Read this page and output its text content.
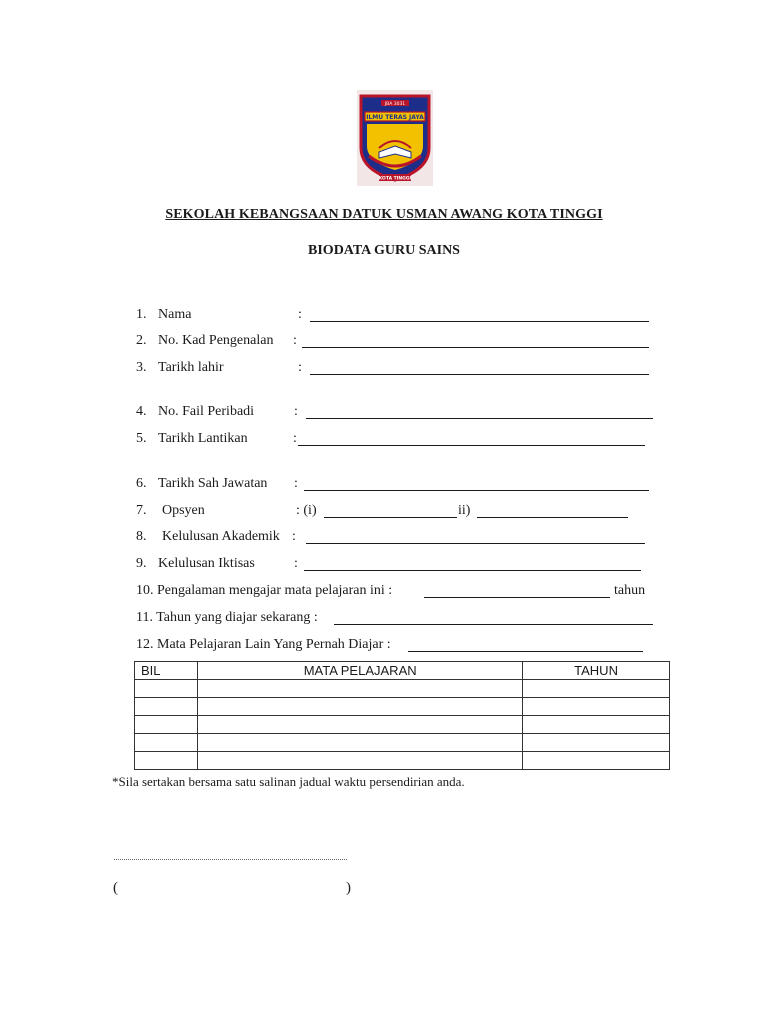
JBA 3031
ILMU TERAS JAYA
KOTA TINGGI
SEKOLAH KEBANGSAAN DATUK USMAN AWANG KOTA TINGGI
BIODATA GURU SAINS
1. Nama	:
2. No. Kad Pengenalan :
3. Tarikh lahir	:
4. No. Fail Peribadi	:
5. Tarikh Lantikan	:
6. Tarikh Sah Jawatan :
7. Opsyen	: (i)	ii)
8. Kelulusan Akademik :
9. Kelulusan Iktisas	:
10. Pengalaman mengajar mata pelajaran ini :	tahun
11. Tahun yang diajar sekarang :
12. Mata Pelajaran Lain Yang Pernah Diajar :
BIL	MATA PELAJARAN	TAHUN

*Sila sertakan bersama satu salinan jadual waktu persendirian anda.
(	)
